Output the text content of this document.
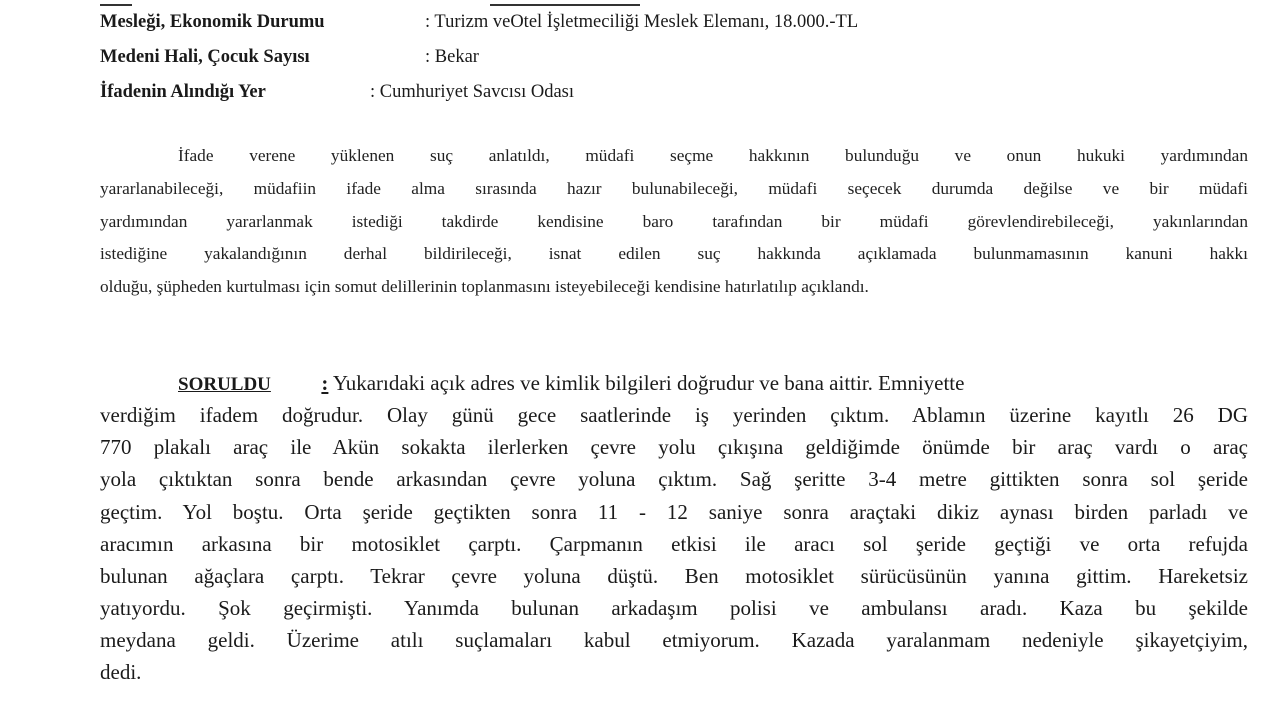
Mesleği, Ekonomik Durumu	: Turizm veOtel İşletmeciliği Meslek Elemanı, 18.000.-TL
Medeni Hali, Çocuk Sayısı	: Bekar
İfadenin Alındığı Yer	: Cumhuriyet Savcısı Odası
İfade verene yüklenen suç anlatıldı, müdafi seçme hakkının bulunduğu ve onun hukuki yardımından
yararlanabileceği, müdafiin ifade alma sırasında hazır bulunabileceği, müdafi seçecek durumda değilse ve bir müdafi
yardımından yararlanmak istediği takdirde kendisine baro tarafından bir müdafi görevlendirebileceği, yakınlarından
istediğine yakalandığının derhal bildirileceği, isnat edilen suç hakkında açıklamada bulunmamasının kanuni hakkı
olduğu, şüpheden kurtulması için somut delillerinin toplanmasını isteyebileceği kendisine hatırlatılıp açıklandı.
SORULDU : Yukarıdaki açık adres ve kimlik bilgileri doğrudur ve bana aittir. Emniyette
verdiğim ifadem doğrudur. Olay günü gece saatlerinde iş yerinden çıktım. Ablamın üzerine kayıtlı 26 DG
770 plakalı araç ile Akün sokakta ilerlerken çevre yolu çıkışına geldiğimde önümde bir araç vardı o araç
yola çıktıktan sonra bende arkasından çevre yoluna çıktım. Sağ şeritte 3-4 metre gittikten sonra sol şeride
geçtim. Yol boştu. Orta şeride geçtikten sonra 11 - 12 saniye sonra araçtaki dikiz aynası birden parladı ve
aracımın arkasına bir motosiklet çarptı. Çarpmanın etkisi ile aracı sol şeride geçtiği ve orta refujda
bulunan ağaçlara çarptı. Tekrar çevre yoluna düştü. Ben motosiklet sürücüsünün yanına gittim. Hareketsiz
yatıyordu. Şok geçirmişti. Yanımda bulunan arkadaşım polisi ve ambulansı aradı. Kaza bu şekilde
meydana geldi. Üzerime atılı suçlamaları kabul etmiyorum. Kazada yaralanmam nedeniyle şikayetçiyim,
dedi.
